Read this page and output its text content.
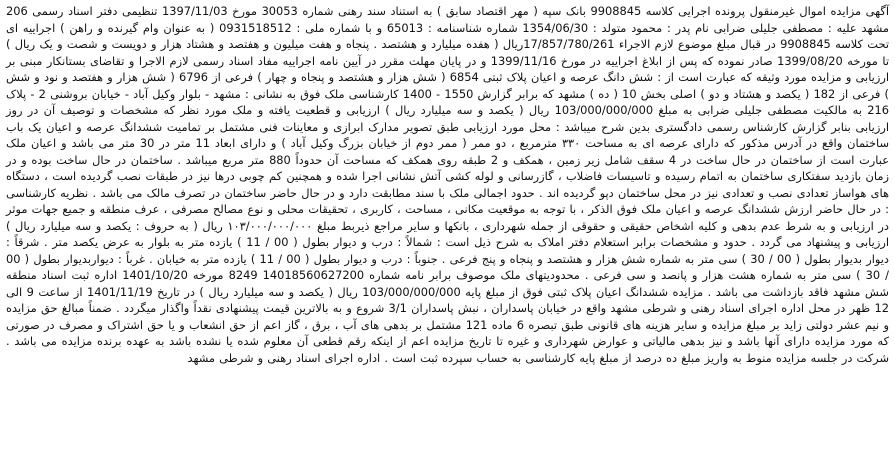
آگهی مزایده اموال غیرمنقول پرونده اجرایی کلاسه 9908845 بانک سپه ( مهر اقتصاد سابق ) به استناد سند رهنی شماره 30053 مورخ 1397/11/03 تنظیمی دفتر اسناد رسمی 206 مشهد علیه : مصطفی جلیلی ضرابی نام پدر : محمود متولد : 1354/06/30 شماره شناسنامه : 65013 و با شماره ملی : 0931518512 ( به عنوان وام گیرنده و راهن ) اجراییه ای تحت کلاسه 9908845 در قبال مبلغ موضوع لازم الاجراء 17/857/780/261ریال ( هفده میلیارد و هشتصد . پنجاه و هفت میلیون و هفتصد و هشتاد هزار و دویست و شصت و یک ریال ) تا مورخه 1399/08/20 صادر نموده که پس از ابلاغ اجراییه در مورخ 1399/11/16 و در پایان مهلت مقرر در آیین نامه اجراییه مفاد اسناد رسمی لازم الاجرا و تقاضای بستانکار مبنی بر ارزیابی و مزایده مورد وثیقه که عبارت است از : شش دانگ عرصه و اعیان پلاک ثبتی 6854 ( شش هزار و هشتصد و پنجاه و چهار ) فرعی از 6796 ( شش هزار و هفتصد و نود و شش ) فرعی از 182 ( یکصد و هشتاد و دو ) اصلی بخش 10 ( ده ) مشهد که برابر گزارش 1550 - 1400 کارشناسی ملک فوق به نشانی : مشهد - بلوار وکیل آباد - خیابان بروشنی 2 - پلاک 216 به مالکیت مصطفی جلیلی ضرابی به مبلغ 103/000/000/000 ریال ( یکصد و سه میلیارد ریال ) ارزیابی و قطعیت یافته و ملک مورد نظر که مشخصات و توصیف آن در روز ارزیابی بنابر گزارش کارشناس رسمی دادگستری بدین شرح میباشد : محل مورد ارزیابی طبق تصویر مدارک ابرازی و معاینات فنی مشتمل بر تمامیت ششدانگ عرصه و اعیان یک باب ساختمان واقع در آدرس مذکور که دارای عرصه ای به مساحت ۳۳۰ مترمربع ، دو ممر ( ممر دوم از خیابان بزرگ وکیل آباد ) و دارای ابعاد 11 متر در 30 متر می باشد و اعیان ملک عبارت است از ساختمان در حال ساخت در 4 سقف شامل زیر زمین ، همکف و 2 طبقه روی همکف که مساحت آن حدوداً 880 متر مربع میباشد . ساختمان در حال ساخت بوده و در زمان بازدید سفتکاری ساختمان به اتمام رسیده و تاسیسات فاضلاب ، گازرسانی و لوله کشی آتش نشانی اجرا شده و همچنین کم چوبی درها نیز در طبقات نصب گردیده است ، دستگاه های هواساز تعدادی نصب و تعدادی نیز در محل ساختمان دپو گردیده اند . حدود اجمالی ملک با سند مطابقت دارد و در حال حاضر ساختمان در تصرف مالک می باشد . نظریه کارشناسی : در حال حاضر ارزش ششدانگ عرصه و اعیان ملک فوق الذکر ، با توجه به موقعیت مکانی ، مساحت ، کاربری ، تحقیقات محلی و نوع مصالح مصرفی ، عرف منطقه و جمیع جهات موثر در ارزیابی و به شرط عدم بدهی و کلیه اشخاص حقیقی و حقوقی از جمله شهرداری ، بانکها و سایر مراجع ذیربط مبلغ ۱۰۳/۰۰۰/۰۰۰/۰۰۰ ریال ( به حروف : یکصد و سه میلیارد ریال ) ارزیابی و پیشنهاد می گردد . حدود و مشخصات برابر استعلام دفتر املاک به شرح ذیل است : شمالاً : درب و دیوار بطول ( 00 / 11 ) یازده متر به بلوار به عرض یکصد متر . شرقاً : دیوار بدیوار بطول ( 00 / 30 ) سی متر به شماره شش هزار و هشتصد و پنجاه و پنج فرعی . جنوباً : درب و دیوار بطول ( 00 / 11 ) یازده متر به خیابان . غرباً : دیواربدیوار بطول ( 00 / 30 ) سی متر به شماره هشت هزار و پانصد و سی فرعی . محدودیتهای ملک موصوف برابر نامه شماره 14018560627200 8249 مورخه 1401/10/20 اداره ثبت اسناد منطقه شش مشهد فاقد بازداشت می باشد . مزایده ششدانگ اعیان پلاک ثبتی فوق از مبلغ پایه 103/000/000/000 ریال ( یکصد و سه میلیارد ریال ) در تاریخ 1401/11/19 از ساعت 9 الی 12 ظهر در محل اداره اجرای اسناد رهنی و شرطی مشهد واقع در خیابان پاسداران ، نبش پاسداران 3/1 شروع و به بالاترین قیمت پیشنهادی نقداً واگذار میگردد . ضمناً مبالغ حق مزایده و نیم عشر دولتی زاید بر مبلغ مزایده و سایر هزینه های قانونی طبق تبصره 6 ماده 121 مشتمل بر بدهی های آب ، برق ، گاز اعم از حق انشعاب و یا حق اشتراک و مصرف در صورتی که مورد مزایده دارای آنها باشد و نیز بدهی مالیاتی و عوارض شهرداری و غیره تا تاریخ مزایده اعم از اینکه رقم قطعی آن معلوم شده یا نشده باشد به عهده برنده مزایده می باشد . شرکت در جلسه مزایده منوط به واریز مبلغ ده درصد از مبلغ پایه کارشناسی به حساب سپرده ثبت است . اداره اجرای اسناد رهنی و شرطی مشهد
